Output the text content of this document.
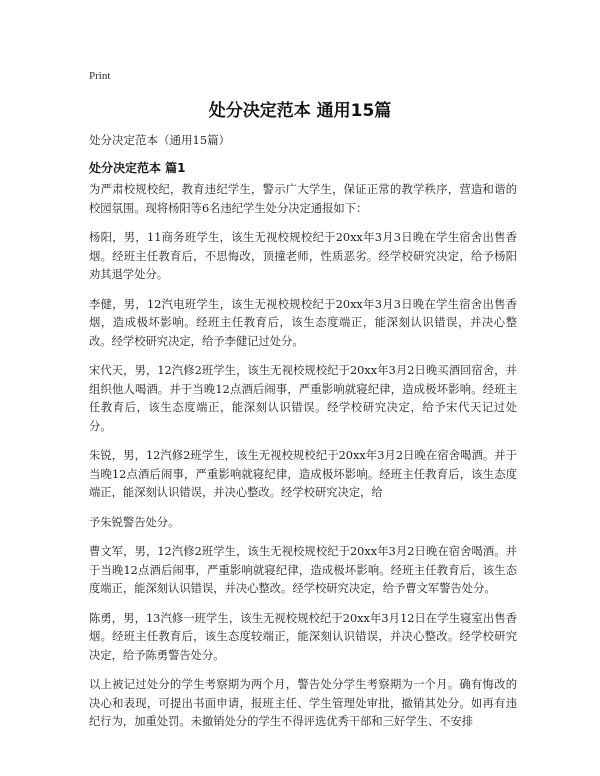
Print
处分决定范本 通用15篇
处分决定范本（通用15篇）
处分决定范本 篇1

为严肃校规校纪，教育违纪学生，警示广大学生，保证正常的教学秩序，营造和谐的校园氛围。现将杨阳等6名违纪学生处分决定通报如下：

杨阳，男，11商务班学生，该生无视校规校纪于20xx年3月3日晚在学生宿舍出售香烟。经班主任教育后，不思悔改，顶撞老师，性质恶劣。经学校研究决定，给予杨阳劝其退学处分。

李健，男，12汽电班学生，该生无视校规校纪于20xx年3月3日晚在学生宿舍出售香烟，造成极坏影响。经班主任教育后，该生态度端正，能深刻认识错误，并决心整改。经学校研究决定，给予李健记过处分。

宋代天，男，12汽修2班学生，该生无视校规校纪于20xx年3月2日晚买酒回宿舍，并组织他人喝酒。并于当晚12点酒后闹事，严重影响就寝纪律，造成极坏影响。经班主任教育后，该生态度端正，能深刻认识错误。经学校研究决定，给予宋代天记过处分。

朱锐，男，12汽修2班学生，该生无视校规校纪于20xx年3月2日晚在宿舍喝酒。并于当晚12点酒后闹事，严重影响就寝纪律，造成极坏影响。经班主任教育后，该生态度端正，能深刻认识错误，并决心整改。经学校研究决定，给

予朱锐警告处分。

曹文军，男，12汽修2班学生，该生无视校规校纪于20xx年3月2日晚在宿舍喝酒。并于当晚12点酒后闹事，严重影响就寝纪律，造成极坏影响。经班主任教育后，该生态度端正，能深刻认识错误，并决心整改。经学校研究决定，给予曹文军警告处分。

陈勇，男，13汽修一班学生，该生无视校规校纪于20xx年3月12日在学生寝室出售香烟。经班主任教育后，该生态度较端正，能深刻认识错误，并决心整改。经学校研究决定，给予陈勇警告处分。

以上被记过处分的学生考察期为两个月，警告处分学生考察期为一个月。确有悔改的决心和表现，可提出书面申请，报班主任、学生管理处审批，撤销其处分。如再有违纪行为，加重处罚。未撤销处分的学生不得评选优秀干部和三好学生、不安排
